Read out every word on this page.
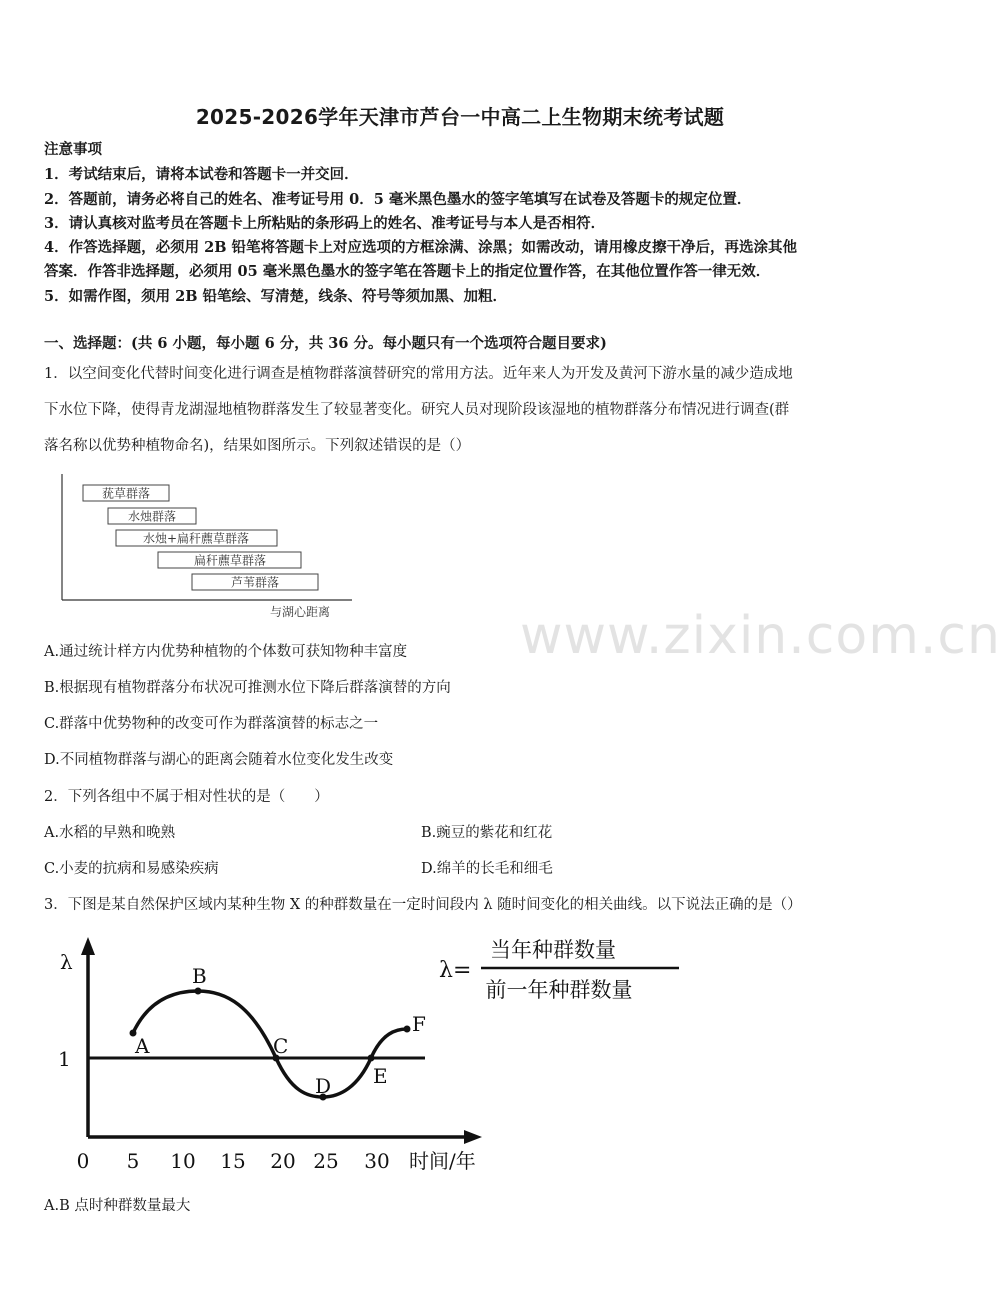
2025-2026学年天津市芦台一中高二上生物期末统考试题
注意事项
1．考试结束后，请将本试卷和答题卡一并交回．
2．答题前，请务必将自己的姓名、准考证号用 0．5 毫米黑色墨水的签字笔填写在试卷及答题卡的规定位置．
3．请认真核对监考员在答题卡上所粘贴的条形码上的姓名、准考证号与本人是否相符．
4．作答选择题，必须用 2B 铅笔将答题卡上对应选项的方框涂满、涂黑；如需改动，请用橡皮擦干净后，再选涂其他
答案．作答非选择题，必须用 05 毫米黑色墨水的签字笔在答题卡上的指定位置作答，在其他位置作答一律无效．
5．如需作图，须用 2B 铅笔绘、写清楚，线条、符号等须加黑、加粗．
一、选择题：(共 6 小题，每小题 6 分，共 36 分。每小题只有一个选项符合题目要求)
1．以空间变化代替时间变化进行调查是植物群落演替研究的常用方法。近年来人为开发及黄河下游水量的减少造成地
下水位下降，使得青龙湖湿地植物群落发生了较显著变化。研究人员对现阶段该湿地的植物群落分布情况进行调查(群
落名称以优势种植物命名)，结果如图所示。下列叙述错误的是（）
莸草群落
水烛群落
水烛+扁秆藨草群落
扁秆藨草群落
芦苇群落
与湖心距离	www.zixin.com.cn
A.通过统计样方内优势种植物的个体数可获知物种丰富度
B.根据现有植物群落分布状况可推测水位下降后群落演替的方向
C.群落中优势物种的改变可作为群落演替的标志之一
D.不同植物群落与湖心的距离会随着水位变化发生改变
2．下列各组中不属于相对性状的是（　　）
A.水稻的早熟和晚熟	B.豌豆的紫花和红花
C.小麦的抗病和易感染疾病	D.绵羊的长毛和细毛
3．下图是某自然保护区域内某种生物 X 的种群数量在一定时间段内 λ 随时间变化的相关曲线。以下说法正确的是（）
λ
1
A
B
C
D E
F
0 5 10 15 20 25 30 时间/年
λ=
当年种群数量
前一年种群数量
A.B 点时种群数量最大
